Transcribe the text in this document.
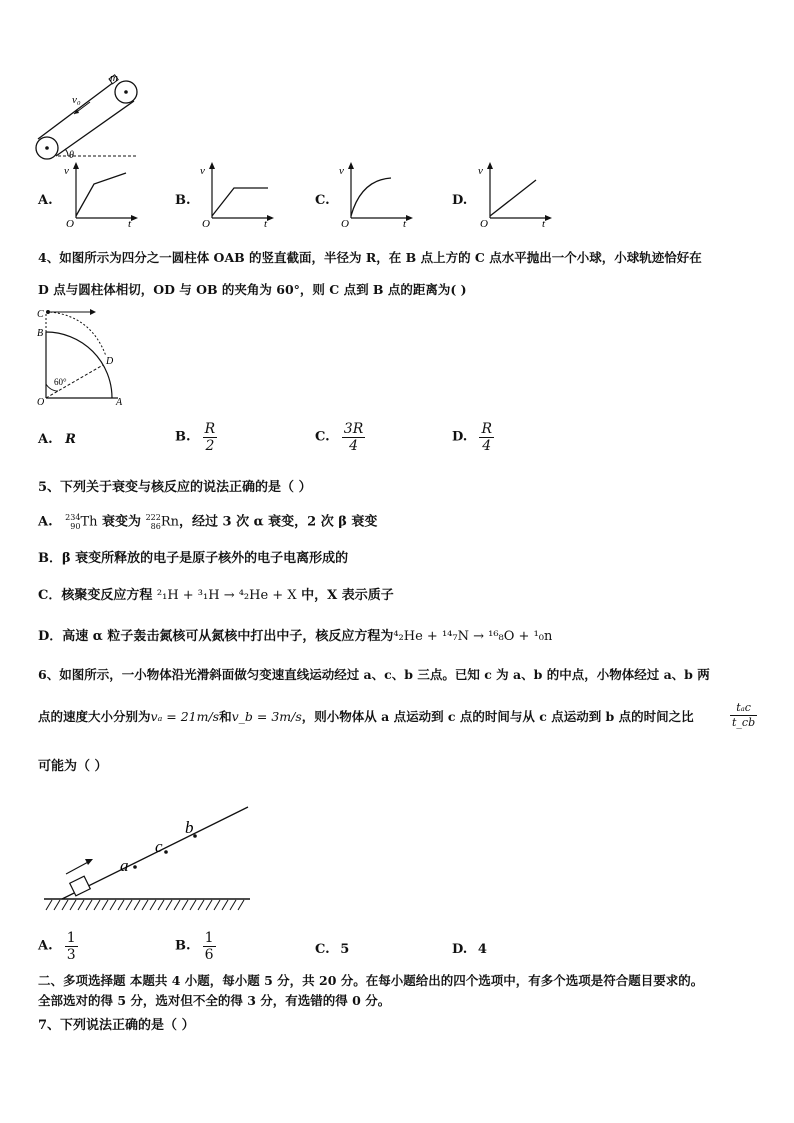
m
v₀
θ
A.
v
t
O
B.
v
t
O
C.
v
t
O
D.
v
t
O
4、如图所示为四分之一圆柱体 OAB 的竖直截面，半径为 R，在 B 点上方的 C 点水平抛出一个小球，小球轨迹恰好在
D 点与圆柱体相切，OD 与 OB 的夹角为 60°，则 C 点到 B 点的距离为( )
C
B
D
O	A
60°
A. R	B. $\frac{R}{2}$	C. $\frac{3R}{4}$	D. $\frac{R}{4}$
5、下列关于衰变与核反应的说法正确的是（ ）
A. 234
90 Th 衰变为 222
86 Rn，经过 3 次 α 衰变，2 次 β 衰变
B．β 衰变所释放的电子是原子核外的电子电离形成的
C．核聚变反应方程 ²₁H + ³₁H → ⁴₂He + X 中，X 表示质子
D．高速 α 粒子轰击氮核可从氮核中打出中子，核反应方程为⁴₂He + ¹⁴₇N → ¹⁶₈O + ¹₀n
6、如图所示，一小物体沿光滑斜面做匀变速直线运动经过 a、c、b 三点。已知 c 为 a、b 的中点，小物体经过 a、b 两
点的速度大小分别为vₐ = 21m/s和v_b = 3m/s，则小物体从 a 点运动到 c 点的时间与从 c 点运动到 b 点的时间之比
tₐc
t_cb
可能为（ ）
a
c
b
A. $\frac{1}{3}$	B. $\frac{1}{6}$	C. 5	D. 4
二、多项选择题 本题共 4 小题，每小题 5 分，共 20 分。在每小题给出的四个选项中，有多个选项是符合题目要求的。
全部选对的得 5 分，选对但不全的得 3 分，有选错的得 0 分。
7、下列说法正确的是（ ）
